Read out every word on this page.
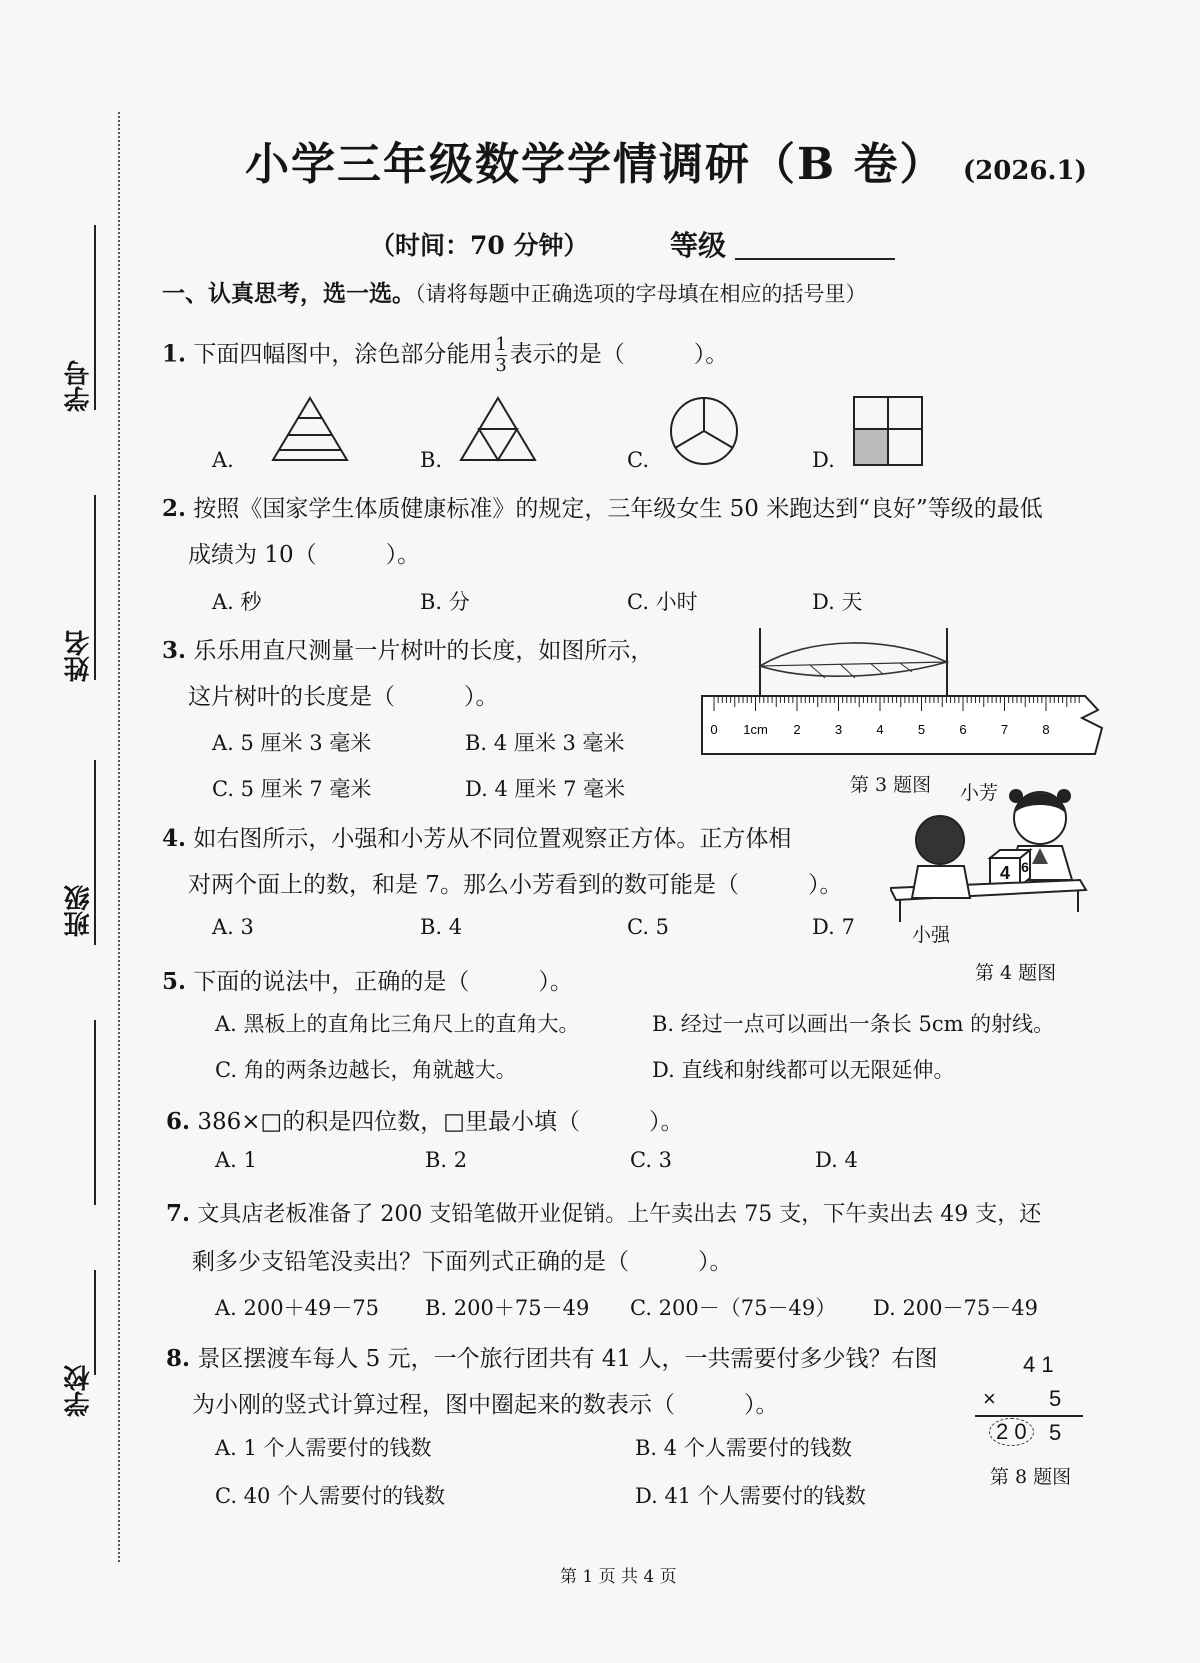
学号
姓名
班级
学校
小学三年级数学学情调研（B 卷） (2026.1)
（时间：70 分钟）	等级
一、认真思考，选一选。（请将每题中正确选项的字母填在相应的括号里）
1. 下面四幅图中，涂色部分能用 $\frac{1}{3}$ 表示的是（　　　）。
A.	B.	C.	D.
2. 按照《国家学生体质健康标准》的规定，三年级女生 50 米跑达到“良好”等级的最低
成绩为 10（　　　）。
A. 秒	B. 分	C. 小时	D. 天
3. 乐乐用直尺测量一片树叶的长度，如图所示，
这片树叶的长度是（　　　）。
A. 5 厘米 3 毫米	B. 4 厘米 3 毫米
C. 5 厘米 7 毫米	D. 4 厘米 7 毫米
0 1cm 2	3	4	5	6	7	8
第 3 题图
4. 如右图所示，小强和小芳从不同位置观察正方体。正方体相
对两个面上的数，和是 7。那么小芳看到的数可能是（　　　）。
A. 3	B. 4	C. 5	D. 7
小芳
4 6
小强
第 4 题图
5. 下面的说法中，正确的是（　　　）。
A. 黑板上的直角比三角尺上的直角大。	B. 经过一点可以画出一条长 5cm 的射线。
C. 角的两条边越长，角就越大。	D. 直线和射线都可以无限延伸。
6. 386×□的积是四位数，□里最小填（　　　）。
A. 1	B. 2	C. 3	D. 4
7. 文具店老板准备了 200 支铅笔做开业促销。上午卖出去 75 支，下午卖出去 49 支，还
剩多少支铅笔没卖出？下面列式正确的是（　　　）。
A. 200＋49－75 B. 200＋75－49 C. 200－（75－49） D. 200－75－49
8. 景区摆渡车每人 5 元，一个旅行团共有 41 人，一共需要付多少钱？右图
为小刚的竖式计算过程，图中圈起来的数表示（　　　）。
A. 1 个人需要付的钱数	B. 4 个人需要付的钱数
C. 40 个人需要付的钱数	D. 41 个人需要付的钱数
4 1
× 5
2 0	5
第 8 题图
第 1 页 共 4 页
